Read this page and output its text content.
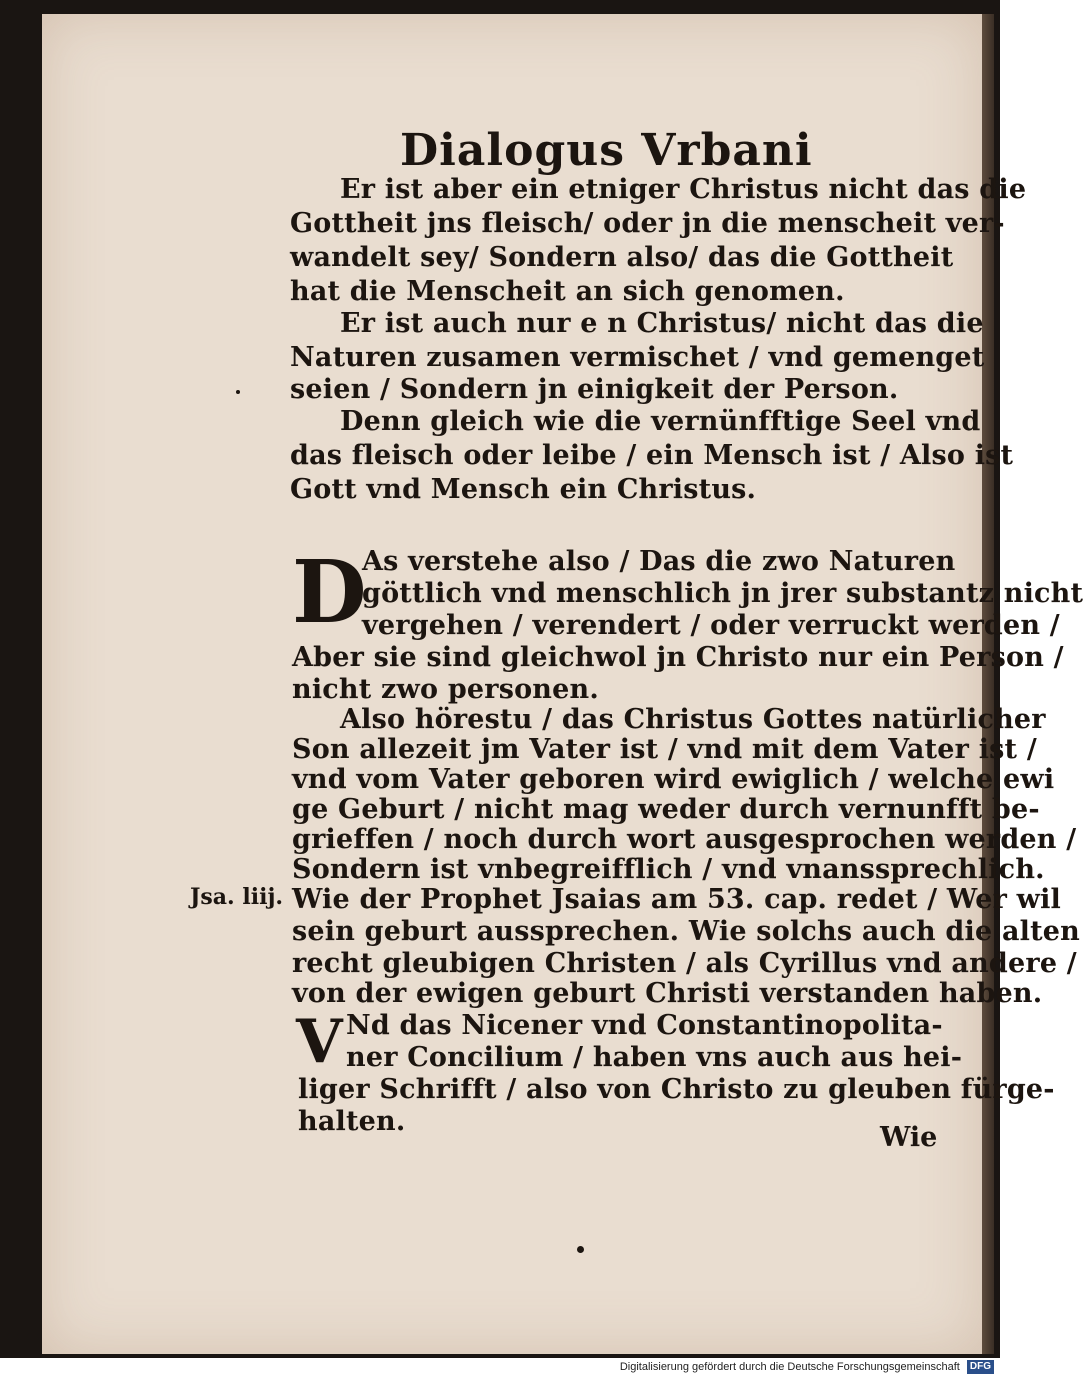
Dialogus Vrbani
Er ist aber ein etniger Christus nicht das die
Gottheit jns fleisch/ oder jn die menscheit ver-
wandelt sey/ Sondern also/ das die Gottheit
hat die Menscheit an sich genomen.
Er ist auch nur e n Christus/ nicht das die
Naturen zusamen vermischet / vnd gemenget
seien / Sondern jn einigkeit der Person.
Denn gleich wie die vernünfftige Seel vnd
das fleisch oder leibe / ein Mensch ist / Also ist
Gott vnd Mensch ein Christus.
D
As verstehe also / Das die zwo Naturen
göttlich vnd menschlich jn jrer substantz nicht
vergehen / verendert / oder verruckt werden /
Aber sie sind gleichwol jn Christo nur ein Person /
nicht zwo personen.
Also hörestu / das Christus Gottes natürlicher
Son allezeit jm Vater ist / vnd mit dem Vater ist /
vnd vom Vater geboren wird ewiglich / welche ewi
ge Geburt / nicht mag weder durch vernunfft be-
grieffen / noch durch wort ausgesprochen werden /
Sondern ist vnbegreifflich / vnd vnanssprechlich.
Wie der Prophet Jsaias am 53. cap. redet / Wer wil
sein geburt aussprechen. Wie solchs auch die alten
recht gleubigen Christen / als Cyrillus vnd andere /
von der ewigen geburt Christi verstanden haben.
Jsa. liij.
V Nd das Nicener vnd Constantinopolita-
ner Concilium / haben vns auch aus hei-
liger Schrifft / also von Christo zu gleuben fürge-
halten.
Wie
Digitalisierung gefördert durch die Deutsche Forschungsgemeinschaft DFG
